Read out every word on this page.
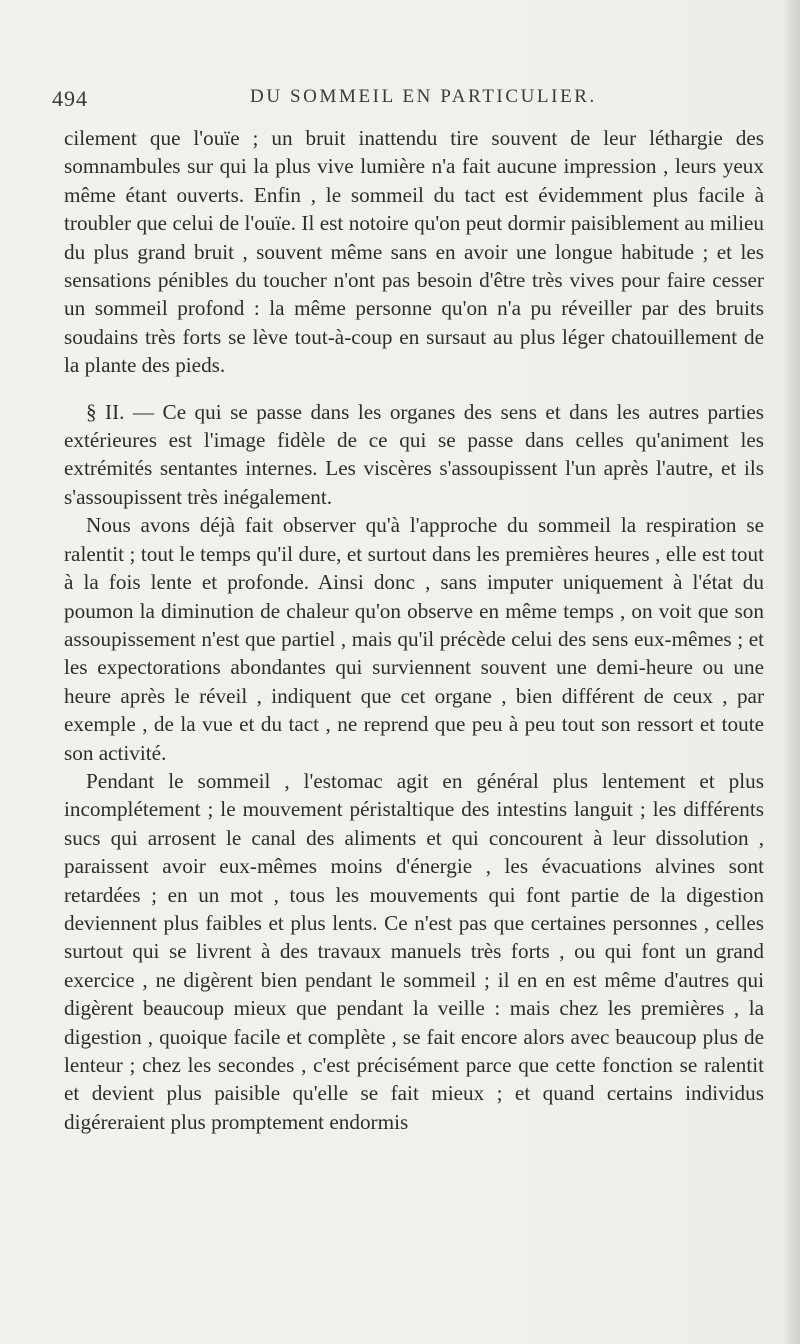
494	DU SOMMEIL EN PARTICULIER.

cilement que l'ouïe ; un bruit inattendu tire souvent de leur léthargie des somnambules sur qui la plus vive lumière n'a fait aucune impression , leurs yeux même étant ouverts. Enfin , le sommeil du tact est évidemment plus facile à troubler que celui de l'ouïe. Il est notoire qu'on peut dormir paisiblement au milieu du plus grand bruit , souvent même sans en avoir une longue habitude ; et les sensations pénibles du toucher n'ont pas besoin d'être très vives pour faire cesser un sommeil profond : la même personne qu'on n'a pu réveiller par des bruits soudains très forts se lève tout-à-coup en sursaut au plus léger chatouillement de la plante des pieds.

§ II. — Ce qui se passe dans les organes des sens et dans les autres parties extérieures est l'image fidèle de ce qui se passe dans celles qu'animent les extrémités sentantes internes. Les viscères s'assoupissent l'un après l'autre, et ils s'assoupissent très inégalement.

Nous avons déjà fait observer qu'à l'approche du sommeil la respiration se ralentit ; tout le temps qu'il dure, et surtout dans les premières heures , elle est tout à la fois lente et profonde. Ainsi donc , sans imputer uniquement à l'état du poumon la diminution de chaleur qu'on observe en même temps , on voit que son assoupissement n'est que partiel , mais qu'il précède celui des sens eux-mêmes ; et les expectorations abondantes qui surviennent souvent une demi-heure ou une heure après le réveil , indiquent que cet organe , bien différent de ceux , par exemple , de la vue et du tact , ne reprend que peu à peu tout son ressort et toute son activité.

Pendant le sommeil , l'estomac agit en général plus lentement et plus incomplétement ; le mouvement péristaltique des intestins languit ; les différents sucs qui arrosent le canal des aliments et qui concourent à leur dissolution , paraissent avoir eux-mêmes moins d'énergie , les évacuations alvines sont retardées ; en un mot , tous les mouvements qui font partie de la digestion deviennent plus faibles et plus lents. Ce n'est pas que certaines personnes , celles surtout qui se livrent à des travaux manuels très forts , ou qui font un grand exercice , ne digèrent bien pendant le sommeil ; il en en est même d'autres qui digèrent beaucoup mieux que pendant la veille : mais chez les premières , la digestion , quoique facile et complète , se fait encore alors avec beaucoup plus de lenteur ; chez les secondes , c'est précisément parce que cette fonction se ralentit et devient plus paisible qu'elle se fait mieux ; et quand certains individus digéreraient plus promptement endormis
